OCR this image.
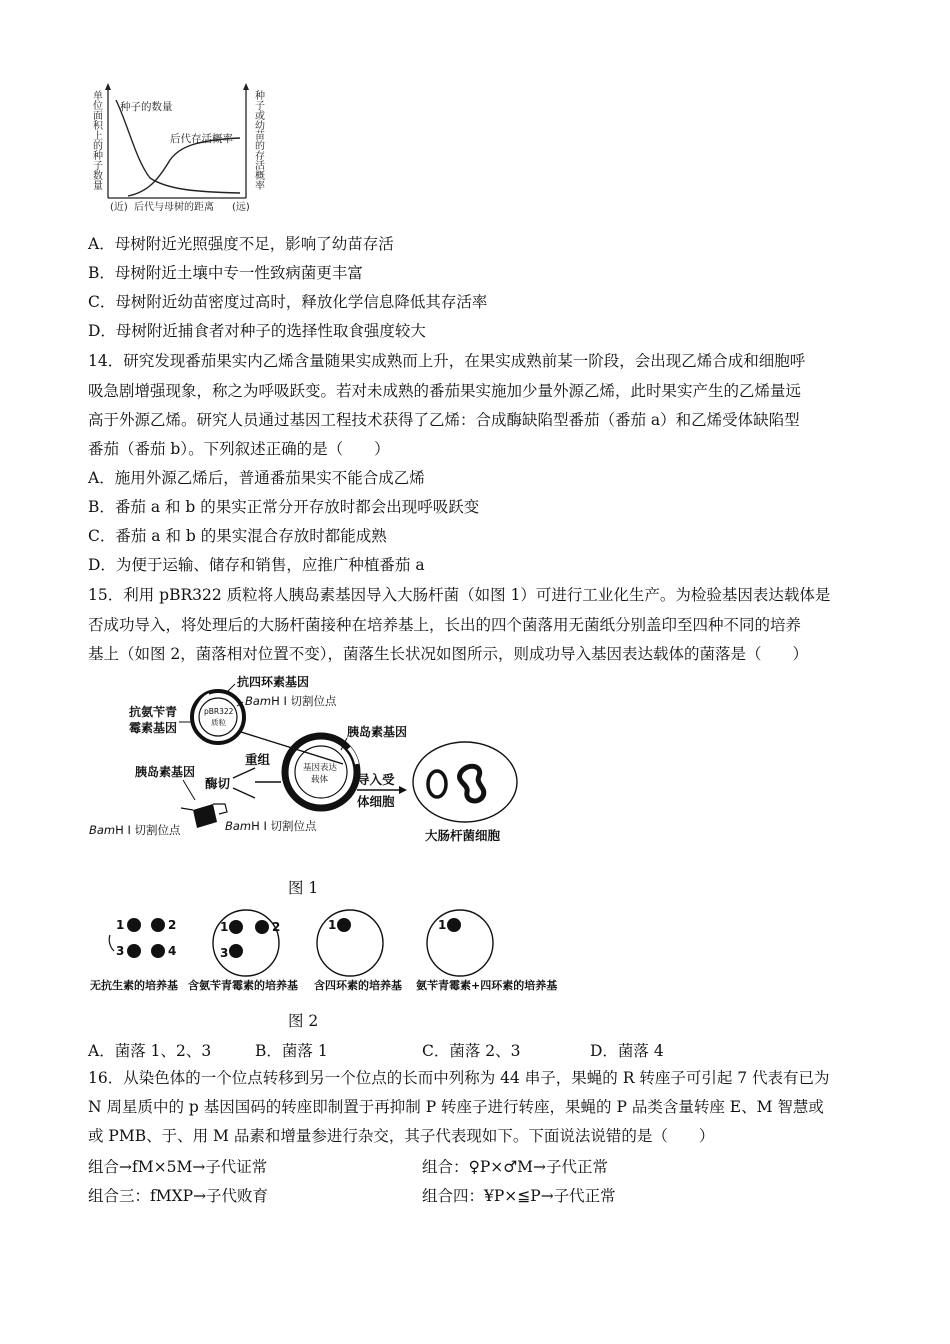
单位面积上的种子数量	种子或幼苗的存活概率
种子的数量
后代存活概率
(近) 后代与母树的距离 (远)
A．母树附近光照强度不足，影响了幼苗存活
B．母树附近土壤中专一性致病菌更丰富
C．母树附近幼苗密度过高时，释放化学信息降低其存活率
D．母树附近捕食者对种子的选择性取食强度较大
14．研究发现番茄果实内乙烯含量随果实成熟而上升，在果实成熟前某一阶段，会出现乙烯合成和细胞呼
吸急剧增强现象，称之为呼吸跃变。若对未成熟的番茄果实施加少量外源乙烯，此时果实产生的乙烯量远
高于外源乙烯。研究人员通过基因工程技术获得了乙烯：合成酶缺陷型番茄（番茄 a）和乙烯受体缺陷型
番茄（番茄 b）。下列叙述正确的是（　　）
A．施用外源乙烯后，普通番茄果实不能合成乙烯
B．番茄 a 和 b 的果实正常分开存放时都会出现呼吸跃变
C．番茄 a 和 b 的果实混合存放时都能成熟
D．为便于运输、储存和销售，应推广种植番茄 a
15．利用 pBR322 质粒将人胰岛素基因导入大肠杆菌（如图 1）可进行工业化生产。为检验基因表达载体是
否成功导入，将处理后的大肠杆菌接种在培养基上，长出的四个菌落用无菌纸分别盖印至四种不同的培养
基上（如图 2，菌落相对位置不变），菌落生长状况如图所示，则成功导入基因表达载体的菌落是（　　）
pBR322
质粒
抗四环素基因
BamH I 切割位点
抗氨苄青
霉素基因
胰岛素基因
BamH I 切割位点	BamH I 切割位点
酶切
重组
基因表达
载体
胰岛素基因
导入受
体细胞
大肠杆菌细胞
图 1
1	2
3	4
1	2
3
1	1
无抗生素的培养基 含氨苄青霉素的培养基 含四环素的培养基 氨苄青霉素+四环素的培养基
图 2
A．菌落 1、2、3	B．菌落 1	C．菌落 2、3	D．菌落 4
16．从染色体的一个位点转移到另一个位点的长而中列称为 44 串子，果蝇的 R 转座子可引起 7 代表有已为
N 周星质中的 p 基因国码的转座即制置于再抑制 P 转座子进行转座，果蝇的 P 品类含量转座 E、M 智慧或
或 PMB、于、用 M 品素和增量参进行杂交，其子代表现如下。下面说法说错的是（　　）
组合→fM×5M→子代证常	组合：♀P×♂M→子代正常
组合三：fMXP→子代败育	组合四：¥P×≦P→子代正常
